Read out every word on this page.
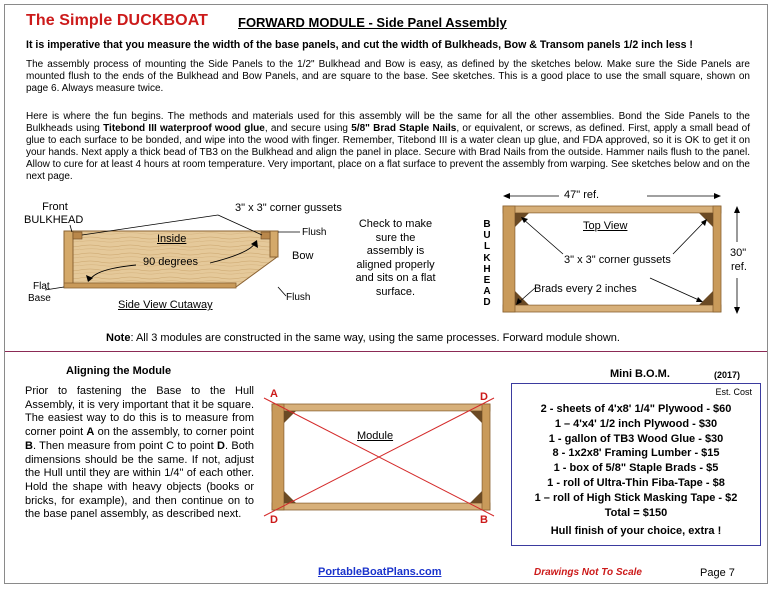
The Simple DUCKBOAT FORWARD MODULE - Side Panel Assembly
It is imperative that you measure the width of the base panels, and cut the width of Bulkheads, Bow & Transom panels 1/2 inch less !
The assembly process of mounting the Side Panels to the 1/2" Bulkhead and Bow is easy, as defined by the sketches below. Make sure the Side Panels are mounted flush to the ends of the Bulkhead and Bow Panels, and are square to the base. See sketches. This is a good place to use the small square, shown on page 6. Always measure twice.
Here is where the fun begins. The methods and materials used for this assembly will be the same for all the other assemblies. Bond the Side Panels to the Bulkheads using Titebond III waterproof wood glue, and secure using 5/8" Brad Staple Nails, or equivalent, or screws, as defined. First, apply a small bead of glue to each surface to be bonded, and wipe into the wood with finger. Remember, Titebond III is a water clean up glue, and FDA approved, so it is OK to get it on your hands. Next apply a thick bead of TB3 on the Bulkhead and align the panel in place. Secure with Brad Nails from the outside. Hammer nails flush to the panel. Allow to cure for at least 4 hours at room temperature. Very important, place on a flat surface to prevent the assembly from warping. See sketches below and on the next page.
Front
BULKHEAD
3" x 3" corner gussets
Flush
Inside
90 degrees	Bow
Flat
Base
Side View Cutaway
Flush
Check to make sure the assembly is aligned properly and sits on a flat surface.
B
U
L
K
H
E
A
D
47" ref.
Top View
3" x 3" corner gussets
Brads every 2 inches
30"
ref.
Note: All 3 modules are constructed in the same way, using the same processes. Forward module shown.
Aligning the Module
Prior to fastening the Base to the Hull Assembly, it is very important that it be square. The easiest way to do this is to measure from corner point A on the assembly, to corner point B. Then measure from point C to point D. Both dimensions should be the same. If not, adjust the Hull until they are within 1/4" of each other. Hold the shape with heavy objects (books or bricks, for example), and then continue on to the base panel assembly, as described next.
A	D
D	B
Module
Mini B.O.M.	(2017)
Est. Cost
2 - sheets of 4'x8' 1/4" Plywood - $60
1 – 4'x4' 1/2 inch Plywood - $30
1 - gallon of TB3 Wood Glue - $30
8 - 1x2x8' Framing Lumber - $15
1 - box of 5/8" Staple Brads - $5
1 - roll of Ultra-Thin Fiba-Tape - $8
1 – roll of High Stick Masking Tape - $2
Total = $150
Hull finish of your choice, extra !
PortableBoatPlans.com	Drawings Not To Scale	Page 7
